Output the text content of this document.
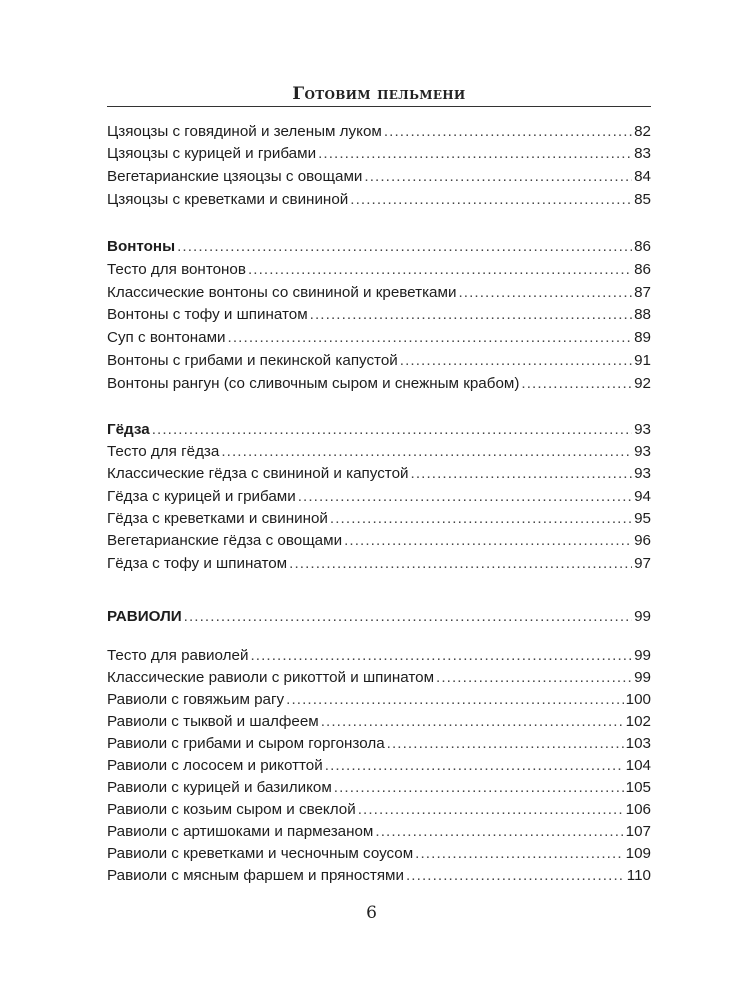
Готовим пельмени
Цзяоцзы с говядиной и зеленым луком .....	82
Цзяоцзы с курицей и грибами .....	83
Вегетарианские цзяоцзы с овощами .....	84
Цзяоцзы с креветками и свининой .....	85
Вонтоны .....	86
Тесто для вонтонов .....	86
Классические вонтоны со свининой и креветками .....	87
Вонтоны с тофу и шпинатом .....	88
Суп с вонтонами .....	89
Вонтоны с грибами и пекинской капустой .....	91
Вонтоны рангун (со сливочным сыром и снежным крабом) .....	92
Гёдза .....	93
Тесто для гёдза .....	93
Классические гёдза с свининой и капустой .....	93
Гёдза с курицей и грибами .....	94
Гёдза с креветками и свининой .....	95
Вегетарианские гёдза с овощами .....	96
Гёдза с тофу и шпинатом .....	97
РАВИОЛИ .....	99
Тесто для равиолей .....	99
Классические равиоли с рикоттой и шпинатом .....	99
Равиоли с говяжьим рагу .....	100
Равиоли с тыквой и шалфеем .....	102
Равиоли с грибами и сыром горгонзола .....	103
Равиоли с лососем и рикоттой .....	104
Равиоли с курицей и базиликом .....	105
Равиоли с козьим сыром и свеклой .....	106
Равиоли с артишоками и пармезаном .....	107
Равиоли с креветками и чесночным соусом .....	109
Равиоли с мясным фаршем и пряностями .....	110
6
